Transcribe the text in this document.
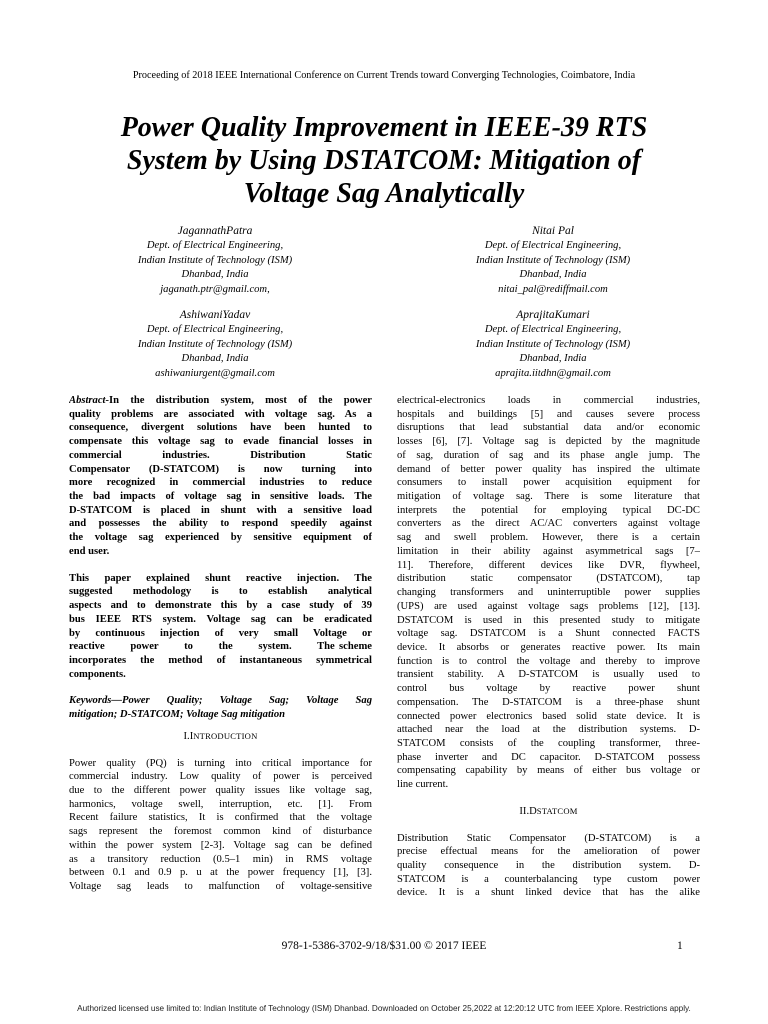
Proceeding of 2018 IEEE International Conference on Current Trends toward Converging Technologies, Coimbatore, India
Power Quality Improvement in IEEE-39 RTS
System by Using DSTATCOM: Mitigation of
Voltage Sag Analytically
JagannathPatra
Dept. of Electrical Engineering,
Indian Institute of Technology (ISM)
Dhanbad, India
jaganath.ptr@gmail.com,
Nitai Pal
Dept. of Electrical Engineering,
Indian Institute of Technology (ISM)
Dhanbad, India
nitai_pal@rediffmail.com
AshiwaniYadav
Dept. of Electrical Engineering,
Indian Institute of Technology (ISM)
Dhanbad, India
ashiwaniurgent@gmail.com
AprajitaKumari
Dept. of Electrical Engineering,
Indian Institute of Technology (ISM)
Dhanbad, India
aprajita.iitdhn@gmail.com
Abstract-In the distribution system, most of the power
quality problems are associated with voltage sag. As a
consequence, divergent solutions have been hunted to
compensate this voltage sag to evade financial losses in
commercial          industries.          Distribution          Static
Compensator (D-STATCOM) is now turning into
more recognized in commercial industries to reduce
the bad impacts of voltage sag in sensitive loads. The
D-STATCOM is placed in shunt with a sensitive load
and possesses the ability to respond speedily against
the voltage sag experienced by sensitive equipment of
end user.
This paper explained shunt reactive injection. The
suggested methodology is to establish analytical
aspects and to demonstrate this by a case study of 39
bus IEEE RTS system. Voltage sag can be eradicated
by continuous injection of very small Voltage or
reactive      power      to      the      system.      The scheme
incorporates the method of instantaneous symmetrical
components.
Keywords—Power Quality; Voltage Sag; Voltage Sag
mitigation; D-STATCOM; Voltage Sag mitigation
I.INTRODUCTION
Power quality (PQ) is turning into critical importance for
commercial industry. Low quality of power is perceived
due to the different power quality issues like voltage sag,
harmonics, voltage swell, interruption, etc. [1]. From
Recent failure statistics, It is confirmed that the voltage
sags represent the foremost common kind of disturbance
within the power system [2-3]. Voltage sag can be defined
as a transitory reduction (0.5–1 min) in RMS voltage
between 0.1 and 0.9 p. u at the power frequency [1], [3].
Voltage sag leads to malfunction of voltage-sensitive
electrical-electronics loads in commercial industries,
hospitals and buildings [5] and causes severe process
disruptions that lead substantial data and/or economic
losses [6], [7]. Voltage sag is depicted by the magnitude
of sag, duration of sag and its phase angle jump. The
demand of better power quality has inspired the ultimate
consumers to install power acquisition equipment for
mitigation of voltage sag. There is some literature that
interprets the potential for employing typical DC-DC
converters as the direct AC/AC converters against voltage
sag and swell problem. However, there is a certain
limitation in their ability against asymmetrical sags [7–
11]. Therefore, different devices like DVR, flywheel,
distribution static compensator (DSTATCOM), tap
changing transformers and uninterruptible power supplies
(UPS) are used against voltage sags problems [12], [13].
DSTATCOM is used in this presented study to mitigate
voltage sag. DSTATCOM is a Shunt connected FACTS
device. It absorbs or generates reactive power. Its main
function is to control the voltage and thereby to improve
transient stability. A D-STATCOM is usually used to
control    bus    voltage    by    reactive    power    shunt
compensation. The D-STATCOM is a three-phase shunt
connected power electronics based solid state device. It is
attached near the load at the distribution systems. D-
STATCOM consists of the coupling transformer, three-
phase inverter and DC capacitor. D-STATCOM possess
compensating capability by means of either bus voltage or
line current.
II.DSTATCOM
Distribution Static Compensator (D-STATCOM) is a
precise effectual means for the amelioration of power
quality consequence in the distribution system. D-
STATCOM is a counterbalancing type custom power
device. It is a shunt linked device that has the alike
978-1-5386-3702-9/18/$31.00 © 2017 IEEE	1
Authorized licensed use limited to: Indian Institute of Technology (ISM) Dhanbad. Downloaded on October 25,2022 at 12:20:12 UTC from IEEE Xplore. Restrictions apply.
